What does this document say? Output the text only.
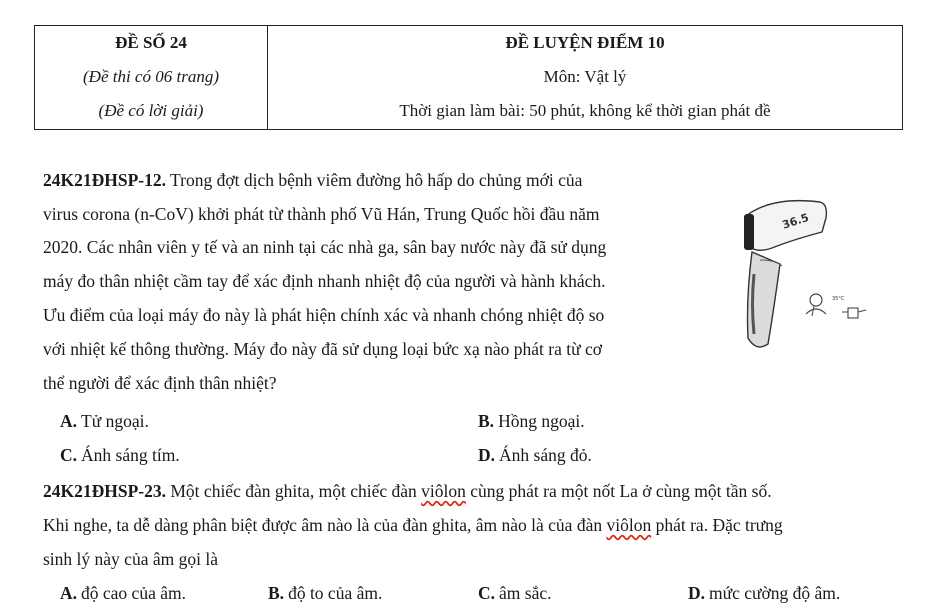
ĐỀ SỐ 24
(Đề thi có 06 trang)
(Đề có lời giải)

ĐỀ LUYỆN ĐIỂM 10
Môn: Vật lý
Thời gian làm bài: 50 phút, không kể thời gian phát đề
24K21ĐHSP-12. Trong đợt dịch bệnh viêm đường hô hấp do chủng mới của
virus corona (n-CoV) khởi phát từ thành phố Vũ Hán, Trung Quốc hồi đầu năm
2020. Các nhân viên y tế và an ninh tại các nhà ga, sân bay nước này đã sử dụng
máy đo thân nhiệt cầm tay để xác định nhanh nhiệt độ của người và hành khách.
Ưu điểm của loại máy đo này là phát hiện chính xác và nhanh chóng nhiệt độ so
với nhiệt kế thông thường. Máy đo này đã sử dụng loại bức xạ nào phát ra từ cơ
thể người để xác định thân nhiệt?
A. Tử ngoại.	B. Hồng ngoại.
C. Ánh sáng tím.	D. Ánh sáng đỏ.
36.5
35°C
24K21ĐHSP-23. Một chiếc đàn ghita, một chiếc đàn viôlon cùng phát ra một nốt La ở cùng một tần số.
Khi nghe, ta dễ dàng phân biệt được âm nào là của đàn ghita, âm nào là của đàn viôlon phát ra. Đặc trưng
sinh lý này của âm gọi là
A. độ cao của âm.	B. độ to của âm.	C. âm sắc.	D. mức cường độ âm.
